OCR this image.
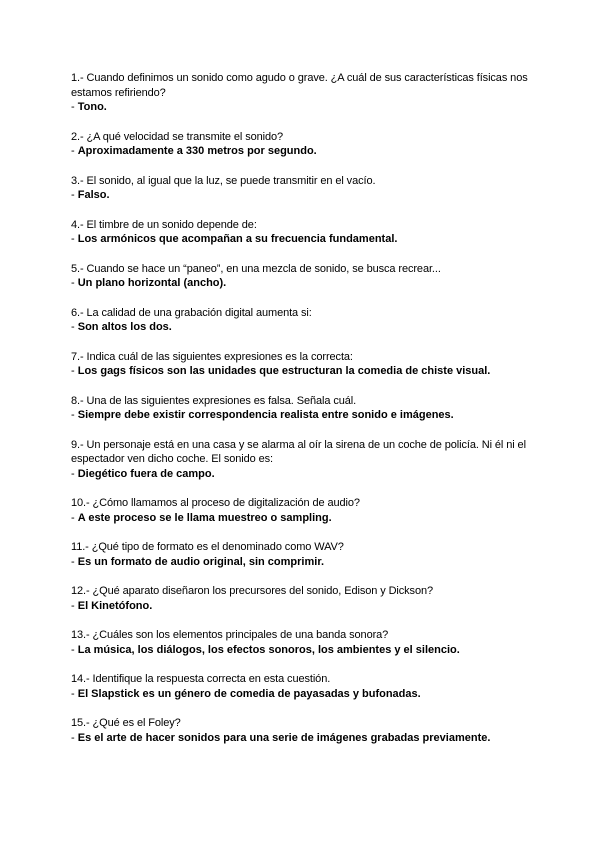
1.- Cuando definimos un sonido como agudo o grave. ¿A cuál de sus características físicas nos estamos refiriendo?

- Tono.

2.- ¿A qué velocidad se transmite el sonido?

- Aproximadamente a 330 metros por segundo.

3.- El sonido, al igual que la luz, se puede transmitir en el vacío.

- Falso.

4.- El timbre de un sonido depende de:

- Los armónicos que acompañan a su frecuencia fundamental.

5.- Cuando se hace un “paneo”, en una mezcla de sonido, se busca recrear...

- Un plano horizontal (ancho).

6.- La calidad de una grabación digital aumenta si:

- Son altos los dos.

7.- Indica cuál de las siguientes expresiones es la correcta:

- Los gags físicos son las unidades que estructuran la comedia de chiste visual.

8.- Una de las siguientes expresiones es falsa. Señala cuál.

- Siempre debe existir correspondencia realista entre sonido e imágenes.

9.- Un personaje está en una casa y se alarma al oír la sirena de un coche de policía. Ni él ni el espectador ven dicho coche. El sonido es:

- Diegético fuera de campo.

10.- ¿Cómo llamamos al proceso de digitalización de audio?

- A este proceso se le llama muestreo o sampling.

11.- ¿Qué tipo de formato es el denominado como WAV?

- Es un formato de audio original, sin comprimir.

12.- ¿Qué aparato diseñaron los precursores del sonido, Edison y Dickson?

- El Kinetófono.

13.- ¿Cuáles son los elementos principales de una banda sonora?

- La música, los diálogos, los efectos sonoros, los ambientes y el silencio.

14.- Identifique la respuesta correcta en esta cuestión.

- El Slapstick es un género de comedia de payasadas y bufonadas.

15.- ¿Qué es el Foley?

- Es el arte de hacer sonidos para una serie de imágenes grabadas previamente.
